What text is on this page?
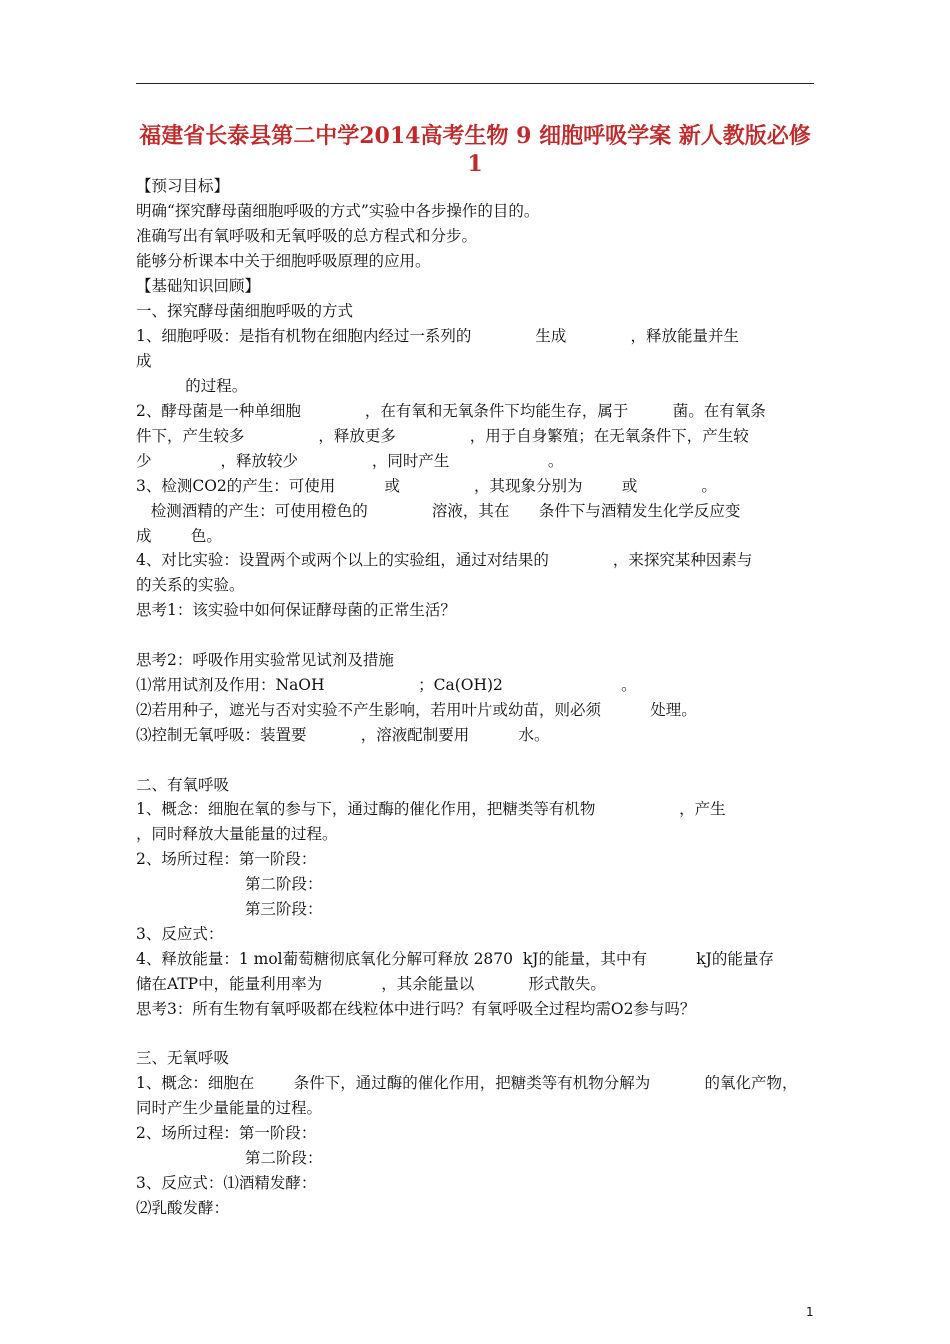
福建省长泰县第二中学2014高考生物 9 细胞呼吸学案 新人教版必修1
【预习目标】
明确“探究酵母菌细胞呼吸的方式”实验中各步操作的目的。
准确写出有氧呼吸和无氧呼吸的总方程式和分步。
能够分析课本中关于细胞呼吸原理的应用。
【基础知识回顾】
一、探究酵母菌细胞呼吸的方式
1、细胞呼吸：是指有机物在细胞内经过一系列的             生成             ，释放能量并生
成
的过程。
2、酵母菌是一种单细胞             ，在有氧和无氧条件下均能生存，属于         菌。在有氧条
件下，产生较多               ，释放更多               ，用于自身繁殖；在无氧条件下，产生较
少              ，释放较少               ，同时产生                    。
3、检测CO2的产生：可使用          或               ，其现象分别为        或             。
检测酒精的产生：可使用橙色的             溶液，其在      条件下与酒精发生化学反应变
成        色。
4、对比实验：设置两个或两个以上的实验组，通过对结果的             ，来探究某种因素与
的关系的实验。
思考1：该实验中如何保证酵母菌的正常生活？
思考2：呼吸作用实验常见试剂及措施
⑴常用试剂及作用：NaOH                   ；Ca(OH)2                        。
⑵若用种子，遮光与否对实验不产生影响，若用叶片或幼苗，则必须          处理。
⑶控制无氧呼吸：装置要           ，溶液配制要用          水。
二、有氧呼吸
1、概念：细胞在氧的参与下，通过酶的催化作用，把糖类等有机物                 ，产生
，同时释放大量能量的过程。
2、场所过程：第一阶段：
第二阶段：
第三阶段：
3、反应式：
4、释放能量：1 mol葡萄糖彻底氧化分解可释放 2870  kJ的能量，其中有          kJ的能量存
储在ATP中，能量利用率为            ，其余能量以           形式散失。
思考3：所有生物有氧呼吸都在线粒体中进行吗？有氧呼吸全过程均需O2参与吗？
三、无氧呼吸
1、概念：细胞在        条件下，通过酶的催化作用，把糖类等有机物分解为           的氧化产物，
同时产生少量能量的过程。
2、场所过程：第一阶段：
第二阶段：
3、反应式：⑴酒精发酵：
⑵乳酸发酵：
1
